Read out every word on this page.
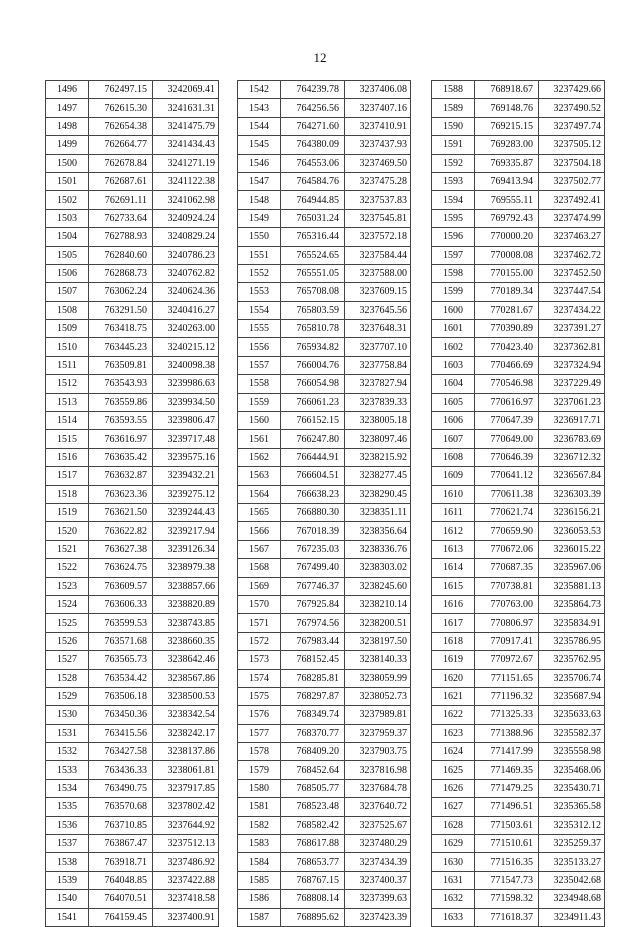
12
1496	762497.15	3242069.41
1497	762615.30	3241631.31
1498	762654.38	3241475.79
1499	762664.77	3241434.43
1500	762678.84	3241271.19
1501	762687.61	3241122.38
1502	762691.11	3241062.98
1503	762733.64	3240924.24
1504	762788.93	3240829.24
1505	762840.60	3240786.23
1506	762868.73	3240762.82
1507	763062.24	3240624.36
1508	763291.50	3240416.27
1509	763418.75	3240263.00
1510	763445.23	3240215.12
1511	763509.81	3240098.38
1512	763543.93	3239986.63
1513	763559.86	3239934.50
1514	763593.55	3239806.47
1515	763616.97	3239717.48
1516	763635.42	3239575.16
1517	763632.87	3239432.21
1518	763623.36	3239275.12
1519	763621.50	3239244.43
1520	763622.82	3239217.94
1521	763627.38	3239126.34
1522	763624.75	3238979.38
1523	763609.57	3238857.66
1524	763606.33	3238820.89
1525	763599.53	3238743.85
1526	763571.68	3238660.35
1527	763565.73	3238642.46
1528	763534.42	3238567.86
1529	763506.18	3238500.53
1530	763450.36	3238342.54
1531	763415.56	3238242.17
1532	763427.58	3238137.86
1533	763436.33	3238061.81
1534	763490.75	3237917.85
1535	763570.68	3237802.42
1536	763710.85	3237644.92
1537	763867.47	3237512.13
1538	763918.71	3237486.92
1539	764048.85	3237422.88
1540	764070.51	3237418.58
1541	764159.45	3237400.91
1542	764239.78	3237406.08
1543	764256.56	3237407.16
1544	764271.60	3237410.91
1545	764380.09	3237437.93
1546	764553.06	3237469.50
1547	764584.76	3237475.28
1548	764944.85	3237537.83
1549	765031.24	3237545.81
1550	765316.44	3237572.18
1551	765524.65	3237584.44
1552	765551.05	3237588.00
1553	765708.08	3237609.15
1554	765803.59	3237645.56
1555	765810.78	3237648.31
1556	765934.82	3237707.10
1557	766004.76	3237758.84
1558	766054.98	3237827.94
1559	766061.23	3237839.33
1560	766152.15	3238005.18
1561	766247.80	3238097.46
1562	766444.91	3238215.92
1563	766604.51	3238277.45
1564	766638.23	3238290.45
1565	766880.30	3238351.11
1566	767018.39	3238356.64
1567	767235.03	3238336.76
1568	767499.40	3238303.02
1569	767746.37	3238245.60
1570	767925.84	3238210.14
1571	767974.56	3238200.51
1572	767983.44	3238197.50
1573	768152.45	3238140.33
1574	768285.81	3238059.99
1575	768297.87	3238052.73
1576	768349.74	3237989.81
1577	768370.77	3237959.37
1578	768409.20	3237903.75
1579	768452.64	3237816.98
1580	768505.77	3237684.78
1581	768523.48	3237640.72
1582	768582.42	3237525.67
1583	768617.88	3237480.29
1584	768653.77	3237434.39
1585	768767.15	3237400.37
1586	768808.14	3237399.63
1587	768895.62	3237423.39
1588	768918.67	3237429.66
1589	769148.76	3237490.52
1590	769215.15	3237497.74
1591	769283.00	3237505.12
1592	769335.87	3237504.18
1593	769413.94	3237502.77
1594	769555.11	3237492.41
1595	769792.43	3237474.99
1596	770000.20	3237463.27
1597	770008.08	3237462.72
1598	770155.00	3237452.50
1599	770189.34	3237447.54
1600	770281.67	3237434.22
1601	770390.89	3237391.27
1602	770423.40	3237362.81
1603	770466.69	3237324.94
1604	770546.98	3237229.49
1605	770616.97	3237061.23
1606	770647.39	3236917.71
1607	770649.00	3236783.69
1608	770646.39	3236712.32
1609	770641.12	3236567.84
1610	770611.38	3236303.39
1611	770621.74	3236156.21
1612	770659.90	3236053.53
1613	770672.06	3236015.22
1614	770687.35	3235967.06
1615	770738.81	3235881.13
1616	770763.00	3235864.73
1617	770806.97	3235834.91
1618	770917.41	3235786.95
1619	770972.67	3235762.95
1620	771151.65	3235706.74
1621	771196.32	3235687.94
1622	771325.33	3235633.63
1623	771388.96	3235582.37
1624	771417.99	3235558.98
1625	771469.35	3235468.06
1626	771479.25	3235430.71
1627	771496.51	3235365.58
1628	771503.61	3235312.12
1629	771510.61	3235259.37
1630	771516.35	3235133.27
1631	771547.73	3235042.68
1632	771598.32	3234948.68
1633	771618.37	3234911.43
